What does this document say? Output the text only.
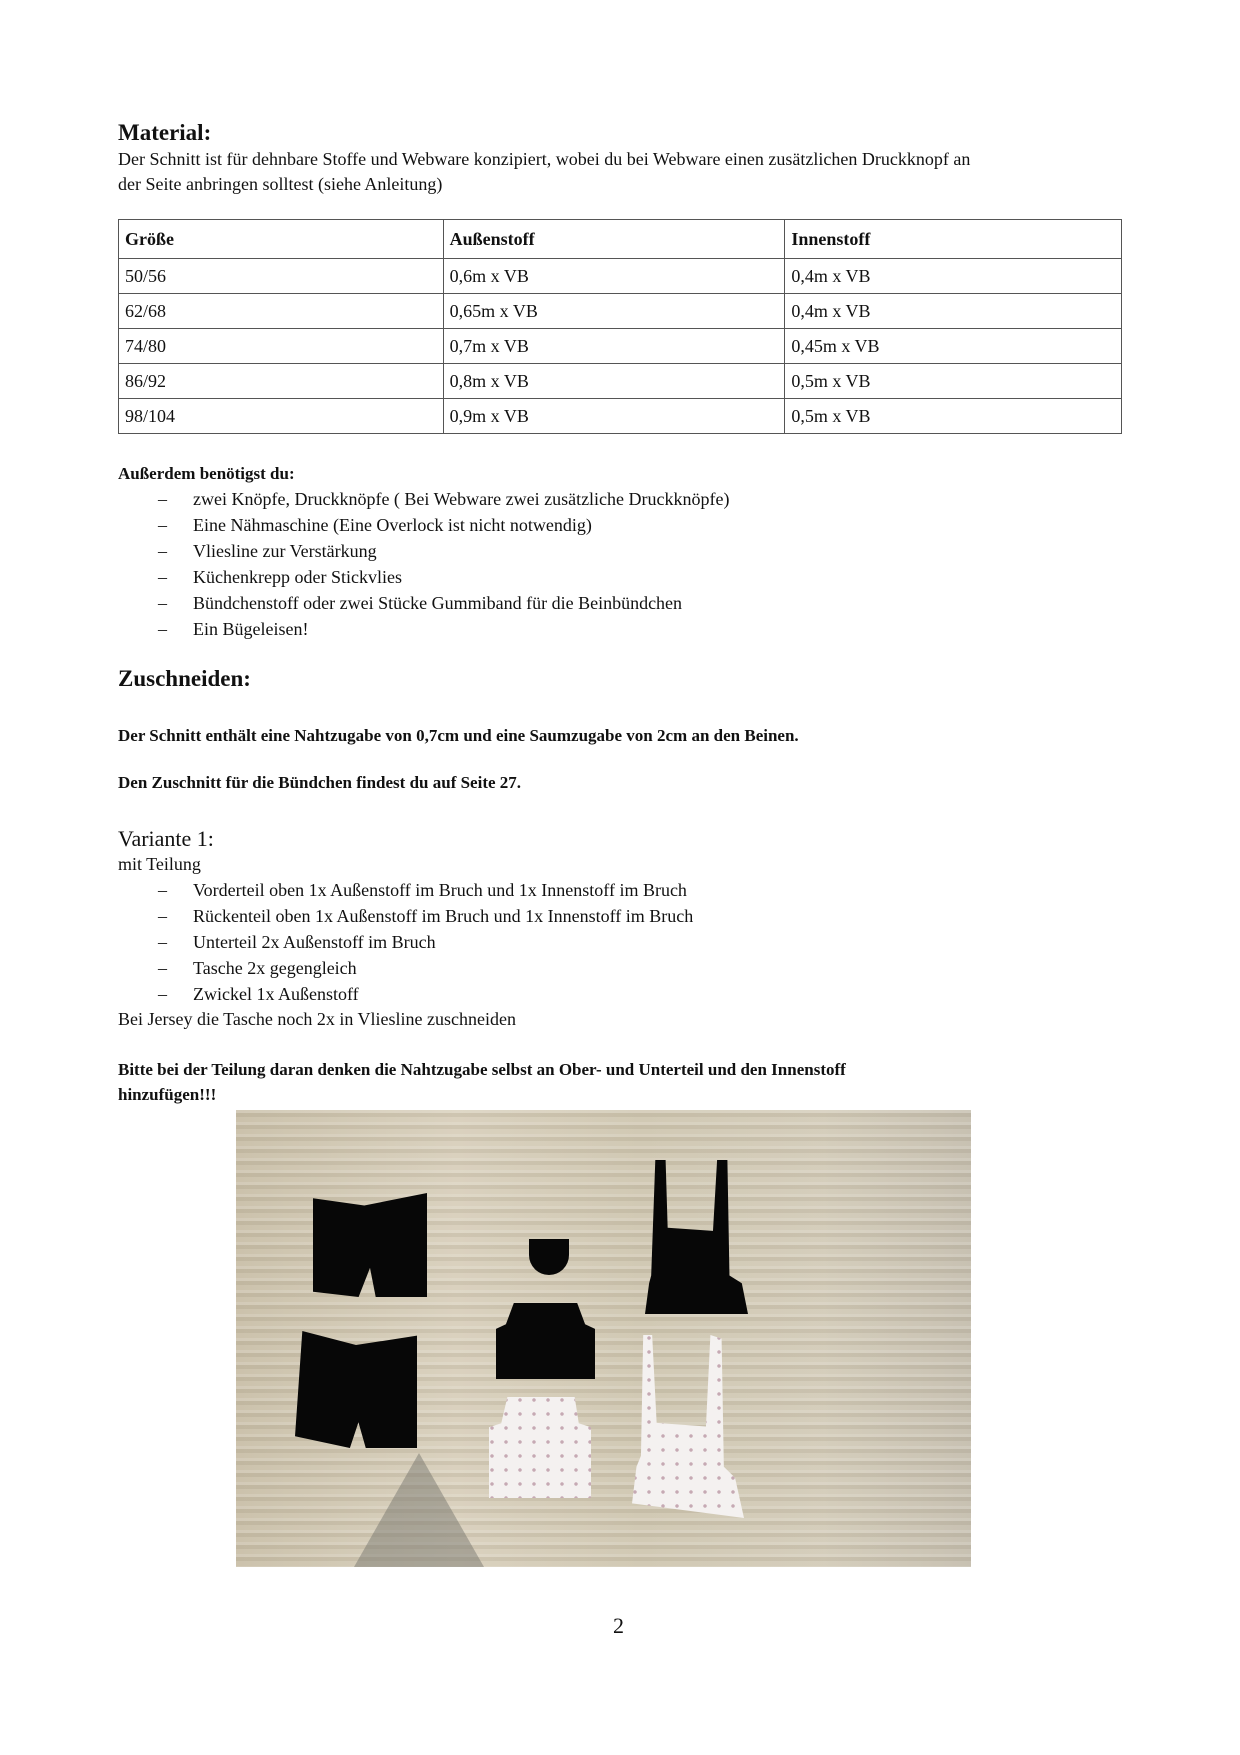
Material:
Der Schnitt ist für dehnbare Stoffe und Webware konzipiert, wobei du bei Webware einen zusätzlichen Druckknopf an
der Seite anbringen solltest (siehe Anleitung)
Größe	Außenstoff	Innenstoff
50/56	0,6m x VB	0,4m x VB
62/68	0,65m x VB	0,4m x VB
74/80	0,7m x VB	0,45m x VB
86/92	0,8m x VB	0,5m x VB
98/104	0,9m x VB	0,5m x VB
Außerdem benötigst du:
–	zwei Knöpfe, Druckknöpfe ( Bei Webware zwei zusätzliche Druckknöpfe)
–	Eine Nähmaschine (Eine Overlock ist nicht notwendig)
–	Vliesline zur Verstärkung
–	Küchenkrepp oder Stickvlies
–	Bündchenstoff oder zwei Stücke Gummiband für die Beinbündchen
–	Ein Bügeleisen!
Zuschneiden:
Der Schnitt enthält eine Nahtzugabe von 0,7cm und eine Saumzugabe von 2cm an den Beinen.
Den Zuschnitt für die Bündchen findest du auf Seite 27.
Variante 1:
mit Teilung
–	Vorderteil oben 1x Außenstoff im Bruch und 1x Innenstoff im Bruch
–	Rückenteil oben 1x Außenstoff im Bruch und 1x Innenstoff im Bruch
–	Unterteil 2x Außenstoff im Bruch
–	Tasche 2x gegengleich
–	Zwickel 1x Außenstoff
Bei Jersey die Tasche noch 2x in Vliesline zuschneiden
Bitte bei der Teilung daran denken die Nahtzugabe selbst an Ober- und Unterteil und den Innenstoff
hinzufügen!!!
2
